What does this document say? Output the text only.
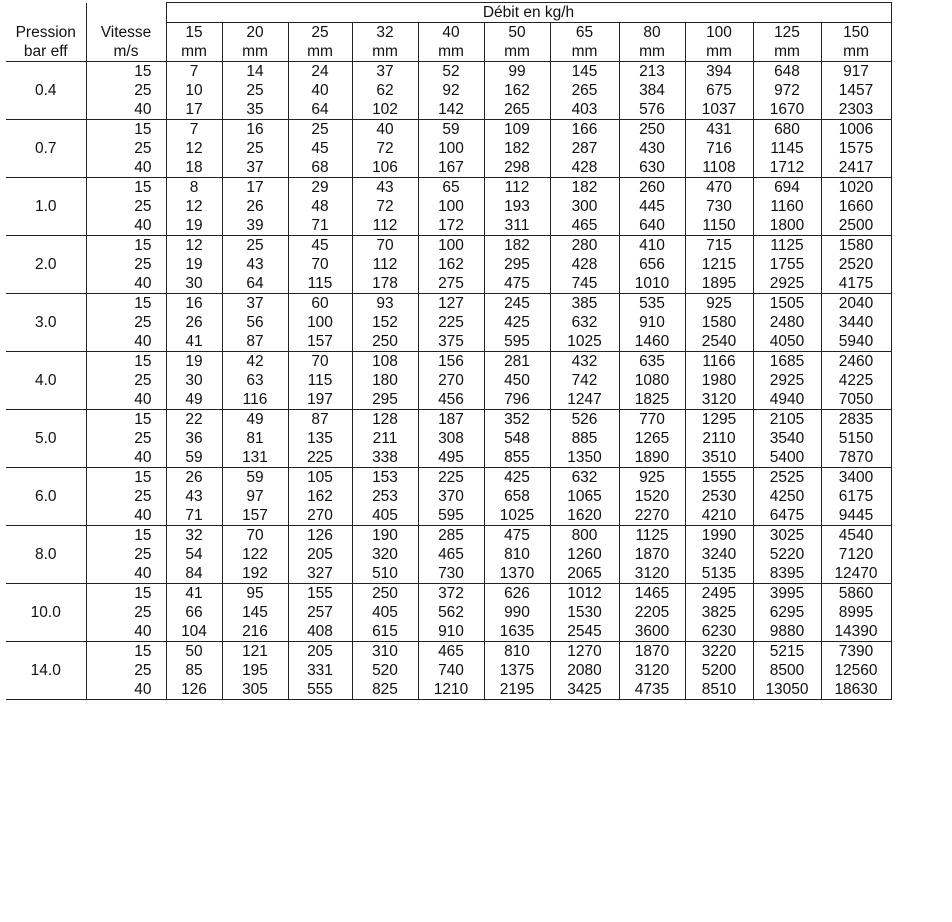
		Débit en kg/h										
Pression	Vitesse	15	20	25	32	40	50	65	80	100	125	150
bar eff	m/s	mm	mm	mm	mm	mm	mm	mm	mm	mm	mm	mm
0.4	15	7	14	24	37	52	99	145	213	394	648	917
	25	10	25	40	62	92	162	265	384	675	972	1457
	40	17	35	64	102	142	265	403	576	1037	1670	2303
0.7	15	7	16	25	40	59	109	166	250	431	680	1006
	25	12	25	45	72	100	182	287	430	716	1145	1575
	40	18	37	68	106	167	298	428	630	1108	1712	2417
1.0	15	8	17	29	43	65	112	182	260	470	694	1020
	25	12	26	48	72	100	193	300	445	730	1160	1660
	40	19	39	71	112	172	311	465	640	1150	1800	2500
2.0	15	12	25	45	70	100	182	280	410	715	1125	1580
	25	19	43	70	112	162	295	428	656	1215	1755	2520
	40	30	64	115	178	275	475	745	1010	1895	2925	4175
3.0	15	16	37	60	93	127	245	385	535	925	1505	2040
	25	26	56	100	152	225	425	632	910	1580	2480	3440
	40	41	87	157	250	375	595	1025	1460	2540	4050	5940
4.0	15	19	42	70	108	156	281	432	635	1166	1685	2460
	25	30	63	115	180	270	450	742	1080	1980	2925	4225
	40	49	116	197	295	456	796	1247	1825	3120	4940	7050
5.0	15	22	49	87	128	187	352	526	770	1295	2105	2835
	25	36	81	135	211	308	548	885	1265	2110	3540	5150
	40	59	131	225	338	495	855	1350	1890	3510	5400	7870
6.0	15	26	59	105	153	225	425	632	925	1555	2525	3400
	25	43	97	162	253	370	658	1065	1520	2530	4250	6175
	40	71	157	270	405	595	1025	1620	2270	4210	6475	9445
8.0	15	32	70	126	190	285	475	800	1125	1990	3025	4540
	25	54	122	205	320	465	810	1260	1870	3240	5220	7120
	40	84	192	327	510	730	1370	2065	3120	5135	8395	12470
10.0	15	41	95	155	250	372	626	1012	1465	2495	3995	5860
	25	66	145	257	405	562	990	1530	2205	3825	6295	8995
	40	104	216	408	615	910	1635	2545	3600	6230	9880	14390
14.0	15	50	121	205	310	465	810	1270	1870	3220	5215	7390
	25	85	195	331	520	740	1375	2080	3120	5200	8500	12560
	40	126	305	555	825	1210	2195	3425	4735	8510	13050	18630
